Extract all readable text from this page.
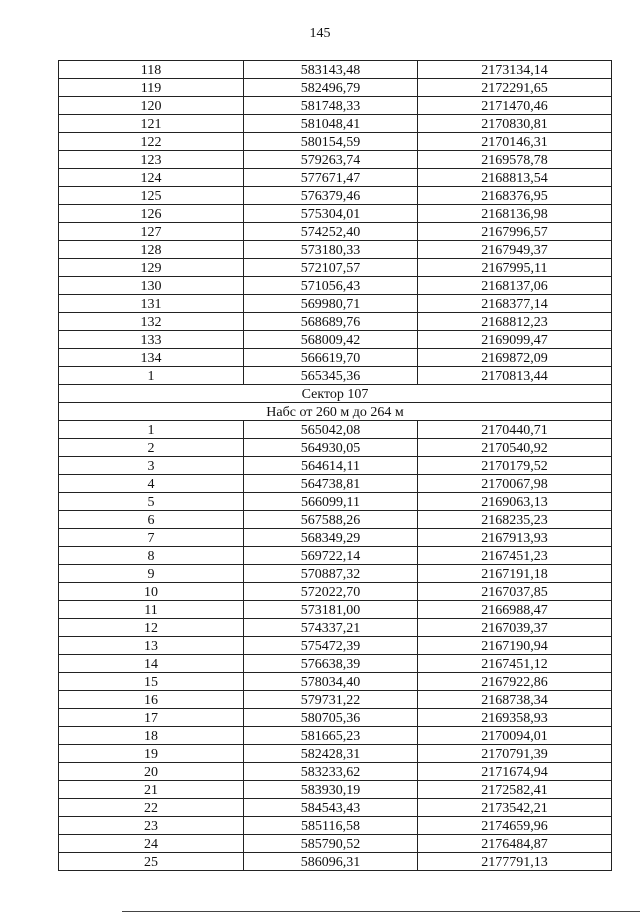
145
118	583143,48	2173134,14
119	582496,79	2172291,65
120	581748,33	2171470,46
121	581048,41	2170830,81
122	580154,59	2170146,31
123	579263,74	2169578,78
124	577671,47	2168813,54
125	576379,46	2168376,95
126	575304,01	2168136,98
127	574252,40	2167996,57
128	573180,33	2167949,37
129	572107,57	2167995,11
130	571056,43	2168137,06
131	569980,71	2168377,14
132	568689,76	2168812,23
133	568009,42	2169099,47
134	566619,70	2169872,09
1	565345,36	2170813,44
Сектор 107		
Набс от 260 м до 264 м		
1	565042,08	2170440,71
2	564930,05	2170540,92
3	564614,11	2170179,52
4	564738,81	2170067,98
5	566099,11	2169063,13
6	567588,26	2168235,23
7	568349,29	2167913,93
8	569722,14	2167451,23
9	570887,32	2167191,18
10	572022,70	2167037,85
11	573181,00	2166988,47
12	574337,21	2167039,37
13	575472,39	2167190,94
14	576638,39	2167451,12
15	578034,40	2167922,86
16	579731,22	2168738,34
17	580705,36	2169358,93
18	581665,23	2170094,01
19	582428,31	2170791,39
20	583233,62	2171674,94
21	583930,19	2172582,41
22	584543,43	2173542,21
23	585116,58	2174659,96
24	585790,52	2176484,87
25	586096,31	2177791,13
